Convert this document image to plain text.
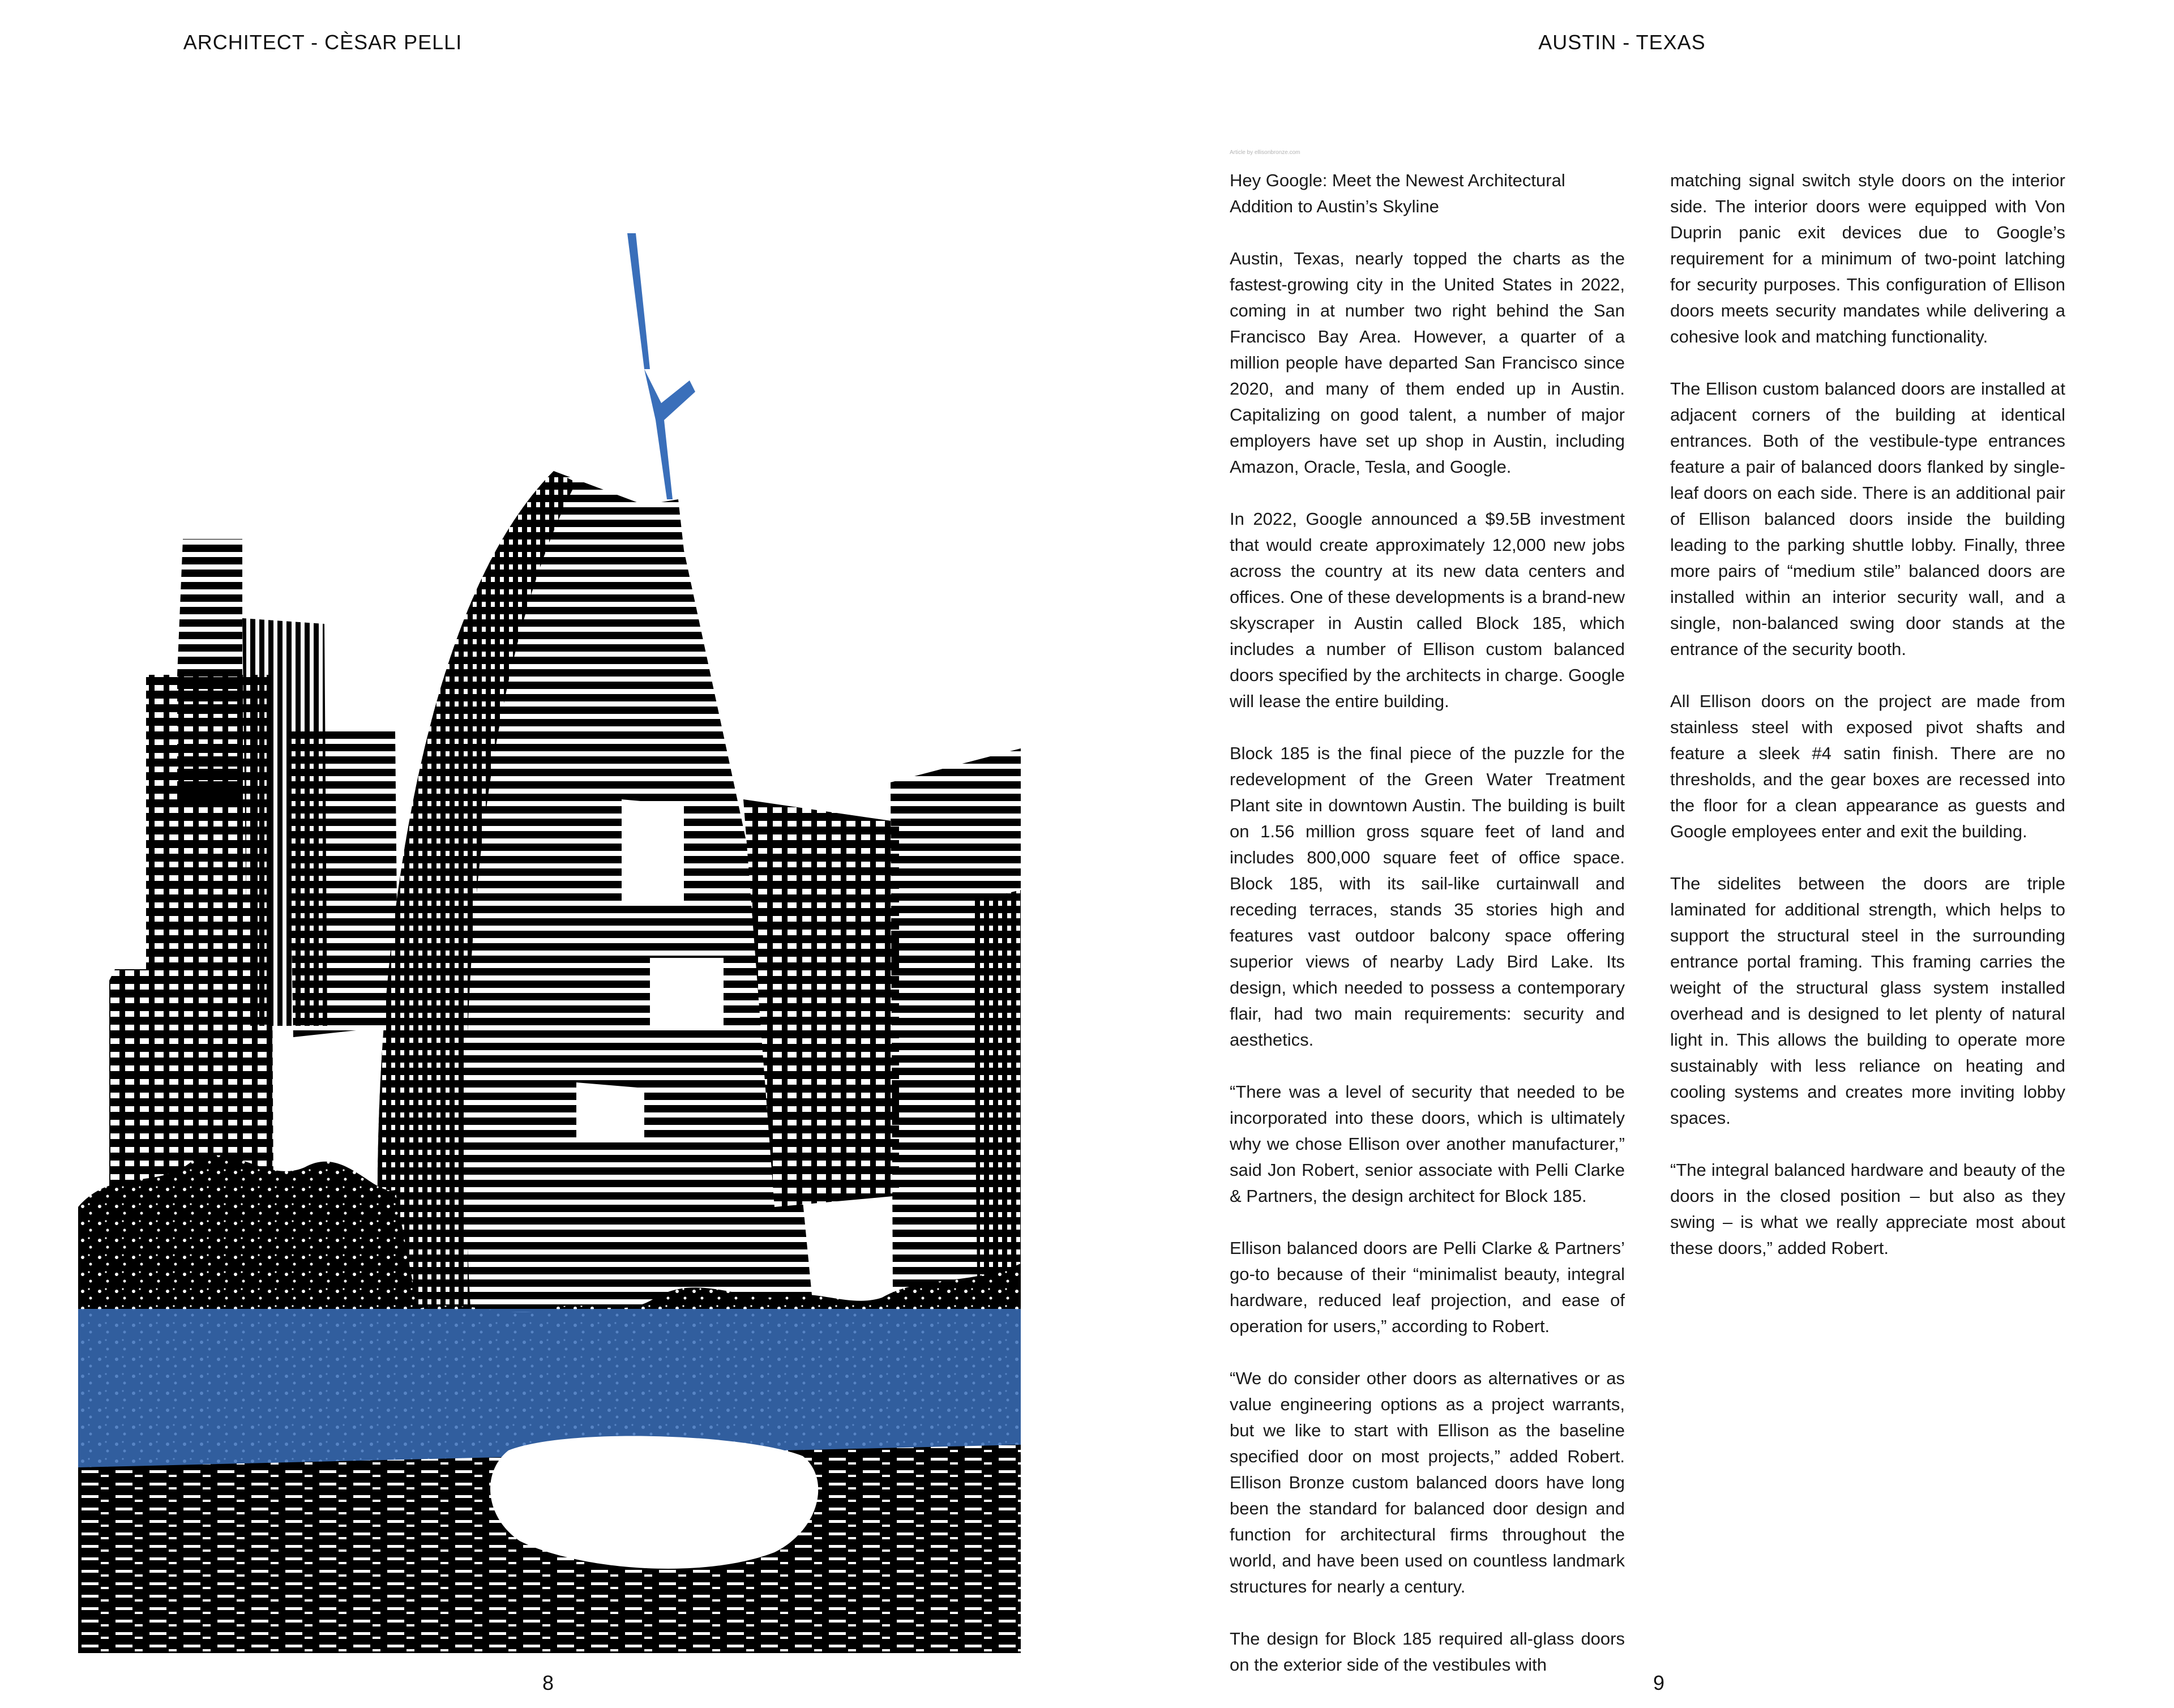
ARCHITECT - CÈSAR PELLI
8
AUSTIN - TEXAS
Article by ellisonbronze.com
Hey Google: Meet the Newest Architectural Addition to Austin’s Skyline

Austin, Texas, nearly topped the charts as the fastest-growing city in the United States in 2022, coming in at number two right behind the San Francisco Bay Area. However, a quarter of a million people have departed San Francisco since 2020, and many of them ended up in Austin. Capitalizing on good talent, a number of major employers have set up shop in Austin, including Amazon, Oracle, Tesla, and Google.

In 2022, Google announced a $9.5B investment that would create approximately 12,000 new jobs across the country at its new data centers and offices. One of these developments is a brand-new skyscraper in Austin called Block 185, which includes a number of Ellison custom balanced doors specified by the architects in charge. Google will lease the entire building.

Block 185 is the final piece of the puzzle for the redevelopment of the Green Water Treatment Plant site in downtown Austin. The building is built on 1.56 million gross square feet of land and includes 800,000 square feet of office space. Block 185, with its sail-like curtainwall and receding terraces, stands 35 stories high and features vast outdoor balcony space offering superior views of nearby Lady Bird Lake. Its design, which needed to possess a contemporary flair, had two main requirements: security and aesthetics.

“There was a level of security that needed to be incorporated into these doors, which is ultimately why we chose Ellison over another manufacturer,” said Jon Robert, senior associate with Pelli Clarke & Partners, the design architect for Block 185.

Ellison balanced doors are Pelli Clarke & Partners’ go-to because of their “minimalist beauty, integral hardware, reduced leaf projection, and ease of operation for users,” according to Robert.

“We do consider other doors as alternatives or as value engineering options as a project warrants, but we like to start with Ellison as the baseline specified door on most projects,” added Robert. Ellison Bronze custom balanced doors have long been the standard for balanced door design and function for architectural firms throughout the world, and have been used on countless landmark structures for nearly a century.

The design for Block 185 required all-glass doors on the exterior side of the vestibules with

matching signal switch style doors on the interior side. The interior doors were equipped with Von Duprin panic exit devices due to Google’s requirement for a minimum of two-point latching for security purposes. This configuration of Ellison doors meets security mandates while delivering a cohesive look and matching functionality.

The Ellison custom balanced doors are installed at adjacent corners of the building at identical entrances. Both of the vestibule-type entrances feature a pair of balanced doors flanked by single-leaf doors on each side. There is an additional pair of Ellison balanced doors inside the building leading to the parking shuttle lobby. Finally, three more pairs of “medium stile” balanced doors are installed within an interior security wall, and a single, non-balanced swing door stands at the entrance of the security booth.

All Ellison doors on the project are made from stainless steel with exposed pivot shafts and feature a sleek #4 satin finish. There are no thresholds, and the gear boxes are recessed into the floor for a clean appearance as guests and Google employees enter and exit the building.

The sidelites between the doors are triple laminated for additional strength, which helps to support the structural steel in the surrounding entrance portal framing. This framing carries the weight of the structural glass system installed overhead and is designed to let plenty of natural light in. This allows the building to operate more sustainably with less reliance on heating and cooling systems and creates more inviting lobby spaces.

“The integral balanced hardware and beauty of the doors in the closed position – but also as they swing – is what we really appreciate most about these doors,” added Robert.

9
